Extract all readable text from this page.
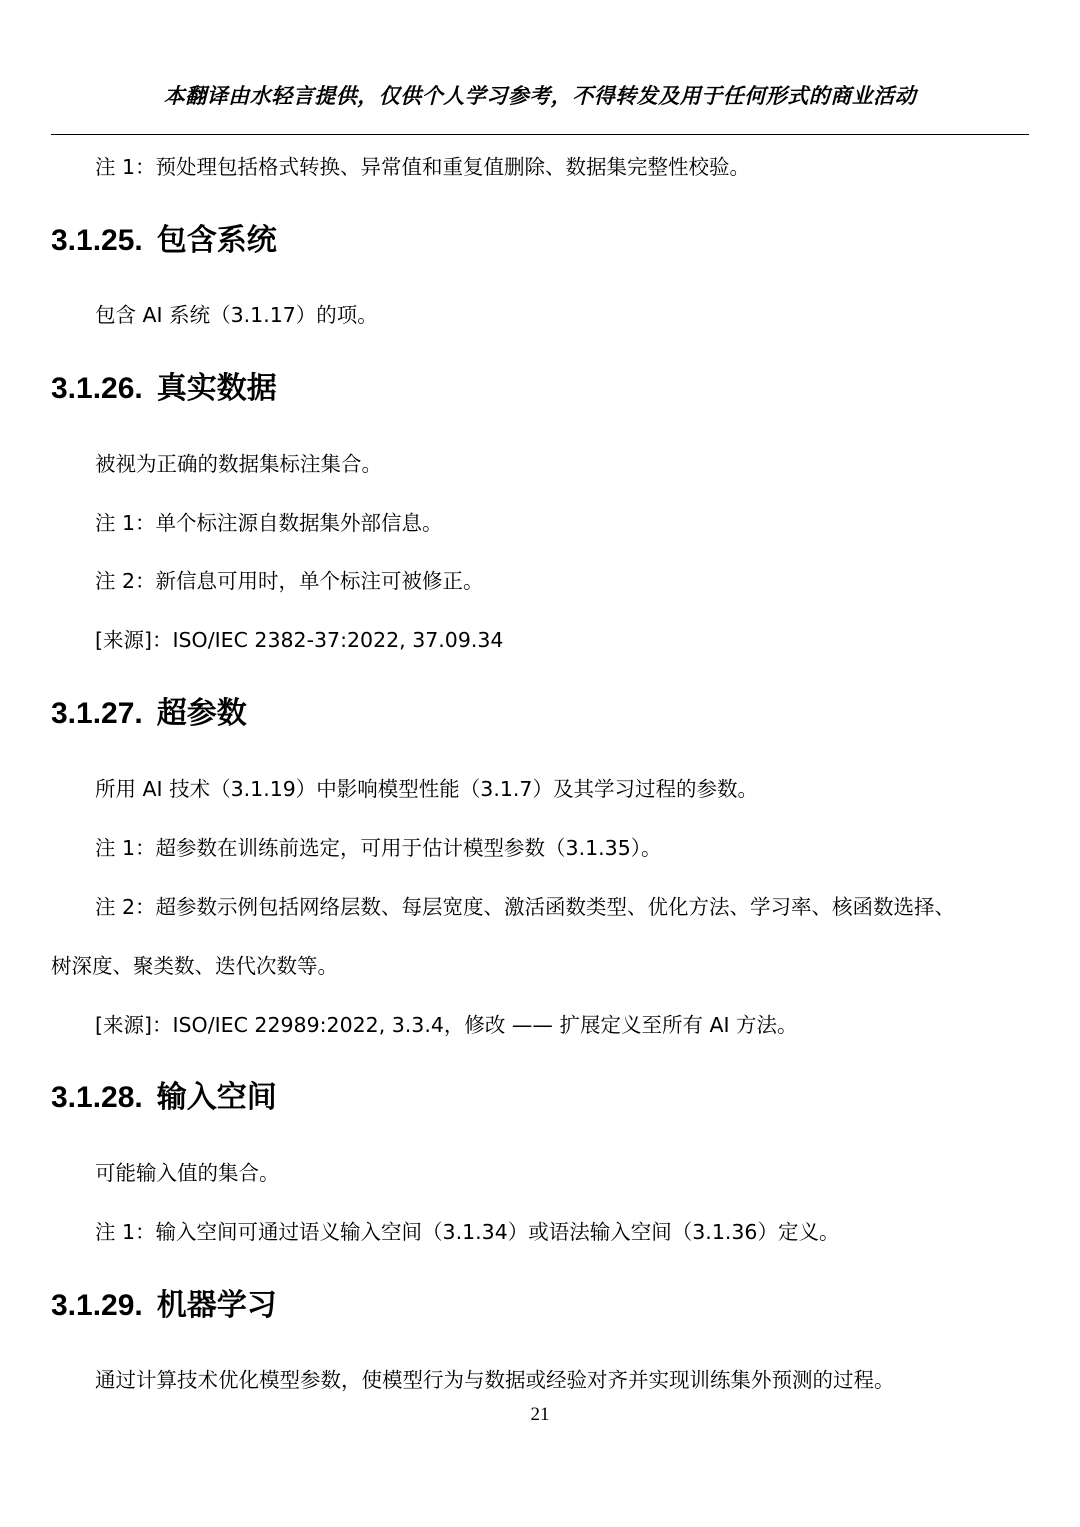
本翻译由水轻言提供，仅供个人学习参考，不得转发及用于任何形式的商业活动
注 1：预处理包括格式转换、异常值和重复值删除、数据集完整性校验。
3.1.25. 包含系统
包含 AI 系统（3.1.17）的项。
3.1.26. 真实数据
被视为正确的数据集标注集合。
注 1：单个标注源自数据集外部信息。
注 2：新信息可用时，单个标注可被修正。
[来源]：ISO/IEC 2382-37:2022, 37.09.34
3.1.27. 超参数
所用 AI 技术（3.1.19）中影响模型性能（3.1.7）及其学习过程的参数。
注 1：超参数在训练前选定，可用于估计模型参数（3.1.35）。
注 2：超参数示例包括网络层数、每层宽度、激活函数类型、优化方法、学习率、核函数选择、
树深度、聚类数、迭代次数等。
[来源]：ISO/IEC 22989:2022, 3.3.4，修改 —— 扩展定义至所有 AI 方法。
3.1.28. 输入空间
可能输入值的集合。
注 1：输入空间可通过语义输入空间（3.1.34）或语法输入空间（3.1.36）定义。
3.1.29. 机器学习
通过计算技术优化模型参数，使模型行为与数据或经验对齐并实现训练集外预测的过程。
21
